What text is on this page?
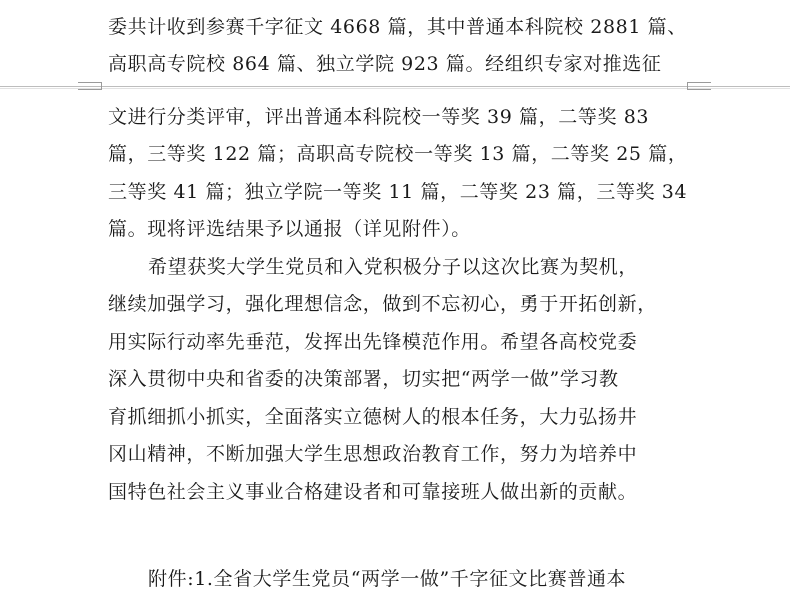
委共计收到参赛千字征文 4668 篇，其中普通本科院校 2881 篇、
高职高专院校 864 篇、独立学院 923 篇。经组织专家对推选征
文进行分类评审，评出普通本科院校一等奖 39 篇，二等奖 83
篇，三等奖 122 篇；高职高专院校一等奖 13 篇，二等奖 25 篇，
三等奖 41 篇；独立学院一等奖 11 篇，二等奖 23 篇，三等奖 34
篇。现将评选结果予以通报（详见附件）。
希望获奖大学生党员和入党积极分子以这次比赛为契机，
继续加强学习，强化理想信念，做到不忘初心，勇于开拓创新，
用实际行动率先垂范，发挥出先锋模范作用。希望各高校党委
深入贯彻中央和省委的决策部署，切实把“两学一做”学习教
育抓细抓小抓实，全面落实立德树人的根本任务，大力弘扬井
冈山精神，不断加强大学生思想政治教育工作，努力为培养中
国特色社会主义事业合格建设者和可靠接班人做出新的贡献。
附件:1.全省大学生党员“两学一做”千字征文比赛普通本
